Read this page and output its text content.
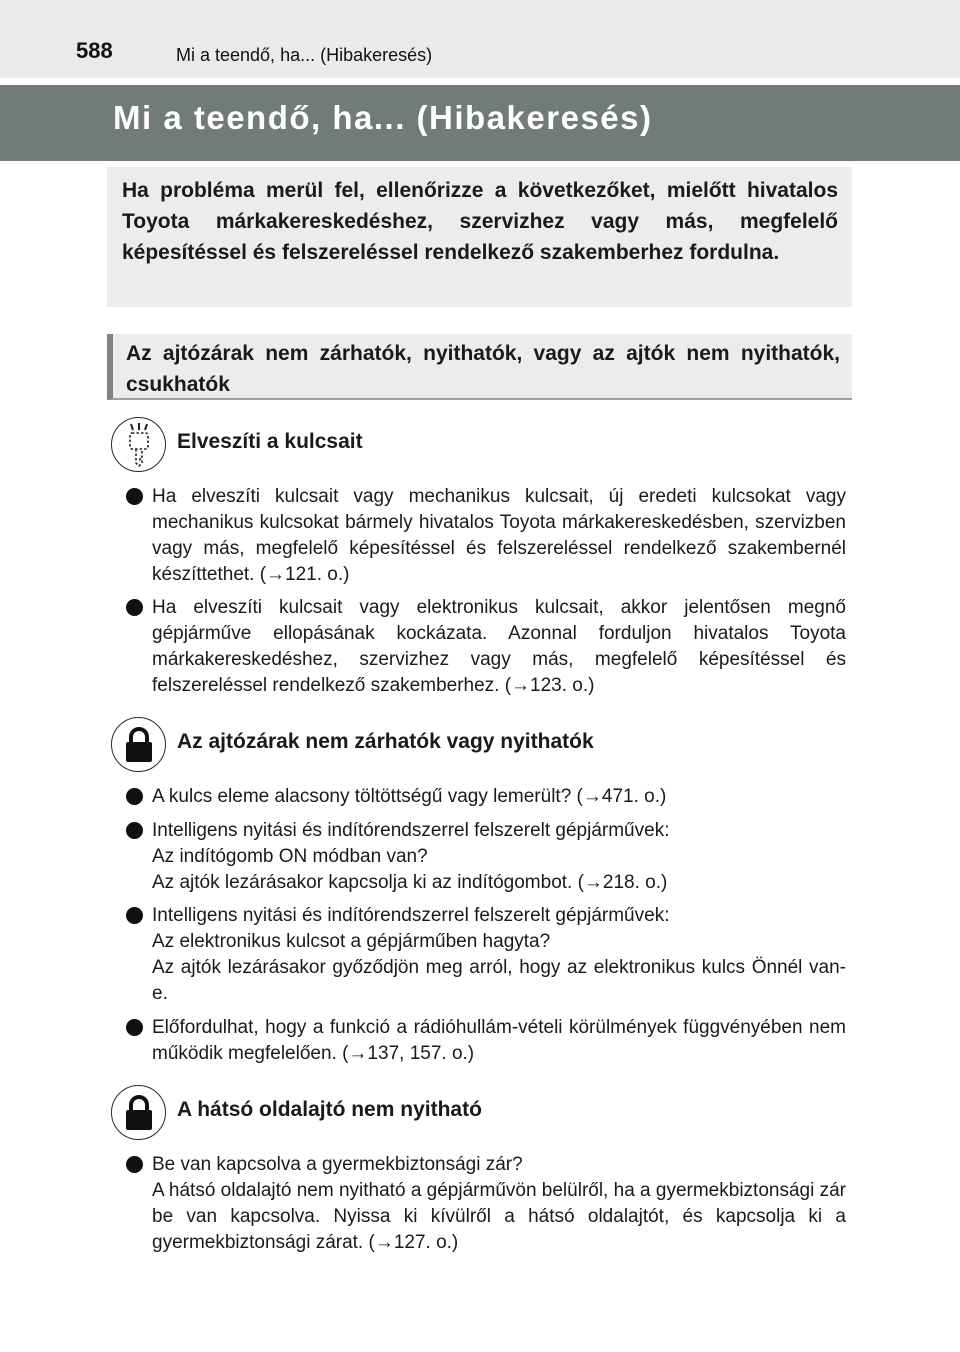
588	Mi a teendő, ha... (Hibakeresés)
Mi a teendő, ha... (Hibakeresés)

Ha probléma merül fel, ellenőrizze a következőket, mielőtt hivatalos Toyota márkakereskedéshez, szervizhez vagy más, megfelelő képesítéssel és felszereléssel rendelkező szakemberhez fordulna.

Az ajtózárak nem zárhatók, nyithatók, vagy az ajtók nem nyithatók, csukhatók
Elveszíti a kulcsait
Ha elveszíti kulcsait vagy mechanikus kulcsait, új eredeti kulcsokat vagy mechanikus kulcsokat bármely hivatalos Toyota márkakereskedésben, szervizben vagy más, megfelelő képesítéssel és felszereléssel rendelkező szakembernél készíttethet. (→121. o.)
Ha elveszíti kulcsait vagy elektronikus kulcsait, akkor jelentősen megnő gépjárműve ellopásának kockázata. Azonnal forduljon hivatalos Toyota márkakereskedéshez, szervizhez vagy más, megfelelő képesítéssel és felszereléssel rendelkező szakemberhez. (→123. o.)
Az ajtózárak nem zárhatók vagy nyithatók
A kulcs eleme alacsony töltöttségű vagy lemerült? (→471. o.)
Intelligens nyitási és indítórendszerrel felszerelt gépjárművek:
Az indítógomb ON módban van?
Az ajtók lezárásakor kapcsolja ki az indítógombot. (→218. o.)
Intelligens nyitási és indítórendszerrel felszerelt gépjárművek:
Az elektronikus kulcsot a gépjárműben hagyta?
Az ajtók lezárásakor győződjön meg arról, hogy az elektronikus kulcs Önnél van-e.
Előfordulhat, hogy a funkció a rádióhullám-vételi körülmények függvényében nem működik megfelelően. (→137, 157. o.)
A hátsó oldalajtó nem nyitható
Be van kapcsolva a gyermekbiztonsági zár?
A hátsó oldalajtó nem nyitható a gépjárművön belülről, ha a gyermekbiztonsági zár be van kapcsolva. Nyissa ki kívülről a hátsó oldalajtót, és kapcsolja ki a gyermekbiztonsági zárat. (→127. o.)
